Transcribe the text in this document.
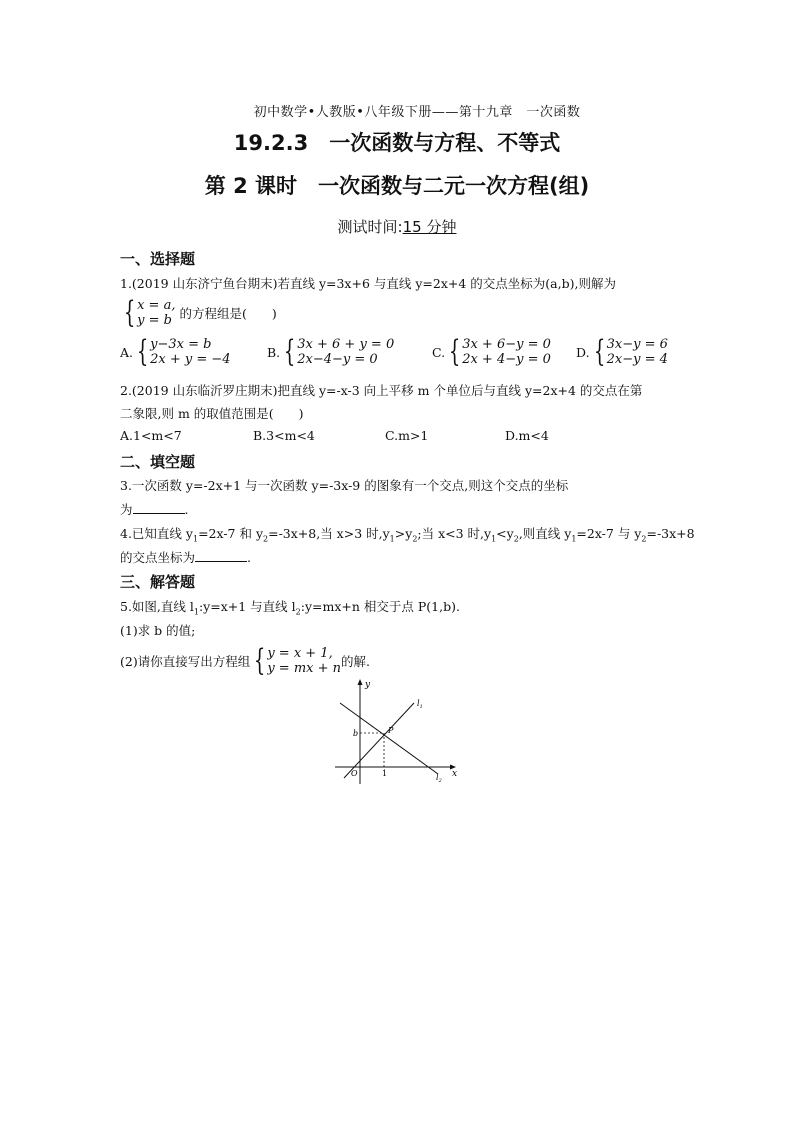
初中数学•人教版•八年级下册——第十九章　一次函数
19.2.3　一次函数与方程、不等式
第 2 课时　一次函数与二元一次方程(组)
测试时间:15 分钟
一、选择题
1.(2019 山东济宁鱼台期末)若直线 y=3x+6 与直线 y=2x+4 的交点坐标为(a,b),则解为
{ x = a,
y = b 的方程组是(　　)
A. { y−3x = b
2x + y = −4	B. { 3x + 6 + y = 0
2x−4−y = 0	C. { 3x + 6−y = 0
2x + 4−y = 0 D. { 3x−y = 6
2x−y = 4
2.(2019 山东临沂罗庄期末)把直线 y=-x-3 向上平移 m 个单位后与直线 y=2x+4 的交点在第
二象限,则 m 的取值范围是(　　)
A.1<m<7	B.3<m<4	C.m>1	D.m<4
二、填空题
3.一次函数 y=-2x+1 与一次函数 y=-3x-9 的图象有一个交点,则这个交点的坐标
为	.
4.已知直线 $y_1=2x-7$ 和 $y_2=-3x+8$,当 x>3 时$,y_1>y_2$;当 x<3 时$,y_1<y_2$,则直线 $y_1=2x-7$ 与 $y_2=-3x+8$
的交点坐标为	.
三、解答题
5.如图,直线 $l_1:y=x+1$ 与直线 $l_2:y=mx+n$ 相交于点 P(1,b).
(1)求 b 的值;
(2)请你直接写出方程组 { y = x + 1,
y = mx + n 的解.
y
x
O
b
1
P
$l_1$
$l_2$
